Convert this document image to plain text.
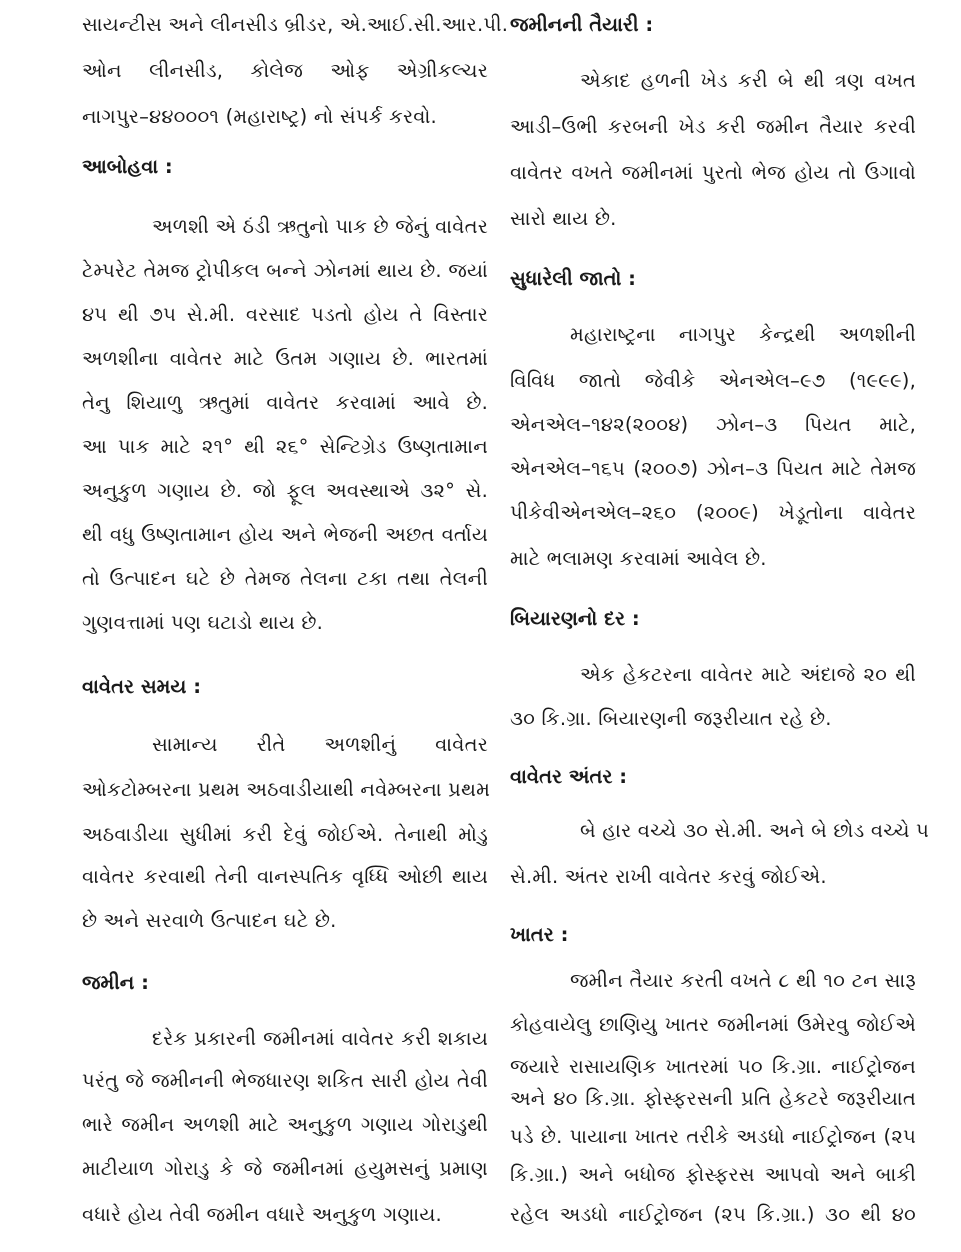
સાયન્ટીસ અને લીનસીડ બ્રીડર, એ.આઈ.સી.આર.પી.
ઓન લીનસીડ, કોલેજ ઓફ એગ્રીકલ્ચર
નાગપુર–૪૪૦૦૦૧ (મહારાષ્ટ્ર) નો સંપર્ક કરવો.
આબોહવા :
અળશી એ ઠંડી ઋતુનો પાક છે જેનું વાવેતર
ટેમ્પરેટ તેમજ ટ્રોપીકલ બન્ને ઝોનમાં થાય છે. જયાં
૪૫ થી ૭૫ સે.મી. વરસાદ પડતો હોય તે વિસ્તાર
અળશીના વાવેતર માટે ઉતમ ગણાય છે. ભારતમાં
તેનુ શિયાળુ ઋતુમાં વાવેતર કરવામાં આવે છે.
આ પાક માટે ૨૧° થી ૨૬° સેન્ટિગ્રેડ ઉષ્ણતામાન
અનુકુળ ગણાય છે. જો ફૂલ અવસ્થાએ ૩૨° સે.
થી વધુ ઉષ્ણતામાન હોય અને ભેજની અછત વર્તાય
તો ઉત્પાદન ઘટે છે તેમજ તેલના ટકા તથા તેલની
ગુણવત્તામાં પણ ઘટાડો થાય છે.
વાવેતર સમય :
સામાન્ય રીતે અળશીનું વાવેતર
ઓકટોમ્બરના પ્રથમ અઠવાડીયાથી નવેમ્બરના પ્રથમ
અઠવાડીયા સુધીમાં કરી દેવું જોઈએ. તેનાથી મોડુ
વાવેતર કરવાથી તેની વાનસ્પતિક વૃધ્ધિ ઓછી થાય
છે અને સરવાળે ઉત્પાદન ઘટે છે.
જમીન :
દરેક પ્રકારની જમીનમાં વાવેતર કરી શકાય
પરંતુ જે જમીનની ભેજધારણ શકિત સારી હોય તેવી
ભારે જમીન અળશી માટે અનુકુળ ગણાય ગોરાડુથી
માટીયાળ ગોરાડુ કે જે જમીનમાં હયુમસનું પ્રમાણ
વધારે હોય તેવી જમીન વધારે અનુકુળ ગણાય.
જમીનની તૈયારી :
એકાદ હળની ખેડ કરી બે થી ત્રણ વખત
આડી–ઉભી કરબની ખેડ કરી જમીન તૈયાર કરવી
વાવેતર વખતે જમીનમાં પુરતો ભેજ હોય તો ઉગાવો
સારો થાય છે.
સુધારેલી જાતો :
મહારાષ્ટ્રના નાગપુર કેન્દ્રથી અળશીની
વિવિધ જાતો જેવીકે એનએલ–૯૭ (૧૯૯૯),
એનએલ–૧૪૨(૨૦૦૪) ઝોન–૩ પિયત માટે,
એનએલ–૧૬૫ (૨૦૦૭) ઝોન–૩ પિયત માટે તેમજ
પીકેવીએનએલ–૨૬૦ (૨૦૦૯) ખેડૂતોના વાવેતર
માટે ભલામણ કરવામાં આવેલ છે.
બિયારણનો દર :
એક હેકટરના વાવેતર માટે અંદાજે ૨૦ થી
૩૦ કિ.ગ્રા. બિયારણની જરૂરીયાત રહે છે.
વાવેતર અંતર :
બે હાર વચ્ચે ૩૦ સે.મી. અને બે છોડ વચ્ચે ૫
સે.મી. અંતર રાખી વાવેતર કરવું જોઈએ.
ખાતર :
જમીન તૈયાર કરતી વખતે ૮ થી ૧૦ ટન સારૂ
કોહવાયેલુ છાણિયુ ખાતર જમીનમાં ઉમેરવુ જોઈએ
જયારે રાસાયણિક ખાતરમાં ૫૦ કિ.ગ્રા. નાઈટ્રોજન
અને ૪૦ કિ.ગ્રા. ફોસ્ફરસની પ્રતિ હેકટરે જરૂરીયાત
પડે છે. પાયાના ખાતર તરીકે અડધો નાઈટ્રોજન (૨૫
કિ.ગ્રા.) અને બધોજ ફોસ્ફરસ આપવો અને બાકી
રહેલ અડધો નાઈટ્રોજન (૨૫ કિ.ગ્રા.) ૩૦ થી ૪૦
